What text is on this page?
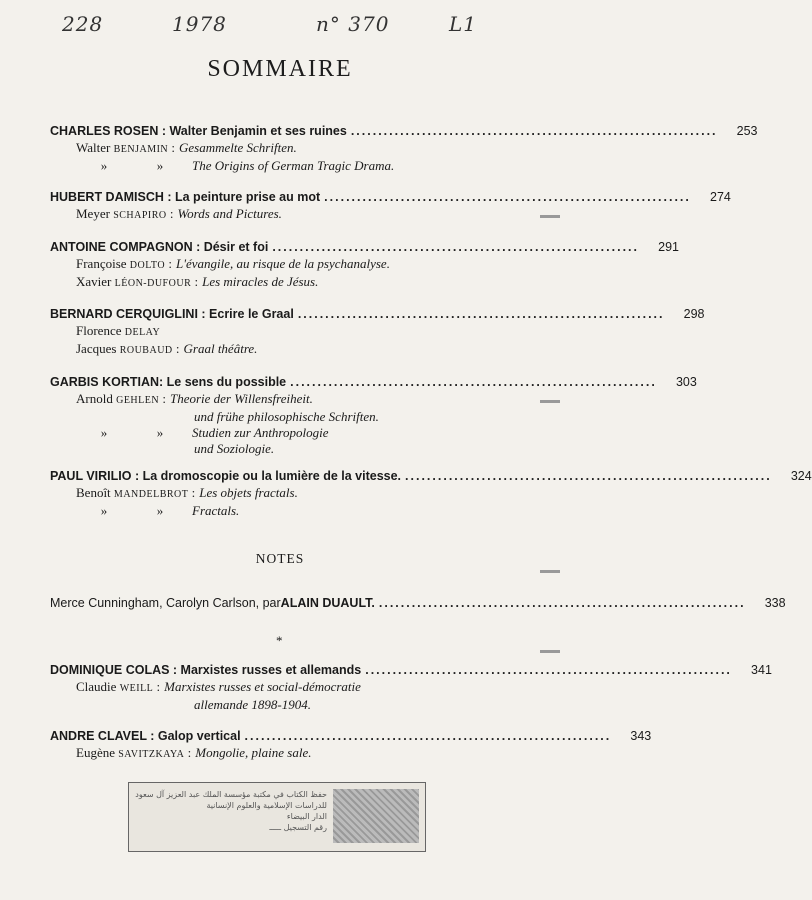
228	1978	n° 370	L1
SOMMAIRE
CHARLES ROSEN : Walter Benjamin et ses ruines ...................................................................	253
Walter BENJAMIN : Gesammelte Schriften.
»	»	The Origins of German Tragic Drama.
HUBERT DAMISCH : La peinture prise au mot ...................................................................	274
Meyer SCHAPIRO : Words and Pictures.
ANTOINE COMPAGNON : Désir et foi ...................................................................	291
Françoise DOLTO : L'évangile, au risque de la psychanalyse.
Xavier LÉON-DUFOUR : Les miracles de Jésus.
BERNARD CERQUIGLINI : Ecrire le Graal ...................................................................	298
Florence DELAY
Jacques ROUBAUD : Graal théâtre.
GARBIS KORTIAN: Le sens du possible ...................................................................	303
Arnold GEHLEN : Theorie der Willensfreiheit.
und frühe philosophische Schriften.
»	»	Studien zur Anthropologie
und Soziologie.
PAUL VIRILIO : La dromoscopie ou la lumière de la vitesse. ...................................................................	324
Benoît MANDELBROT : Les objets fractals.
»	»	Fractals.
NOTES
Merce Cunningham, Carolyn Carlson, par ALAIN DUAULT. ...................................................................	338
*
DOMINIQUE COLAS : Marxistes russes et allemands ...................................................................	341
Claudie WEILL : Marxistes russes et social-démocratie
allemande 1898-1904.
ANDRE CLAVEL : Galop vertical ...................................................................	343
Eugène SAVITZKAYA : Mongolie, plaine sale.
حفظ الكتاب في مكتبة مؤسسة الملك عبد العزيز آل سعود
للدراسات الإسلامية والعلوم الإنسانية
الدار البيضاء
رقم التسجيل ـــــ
